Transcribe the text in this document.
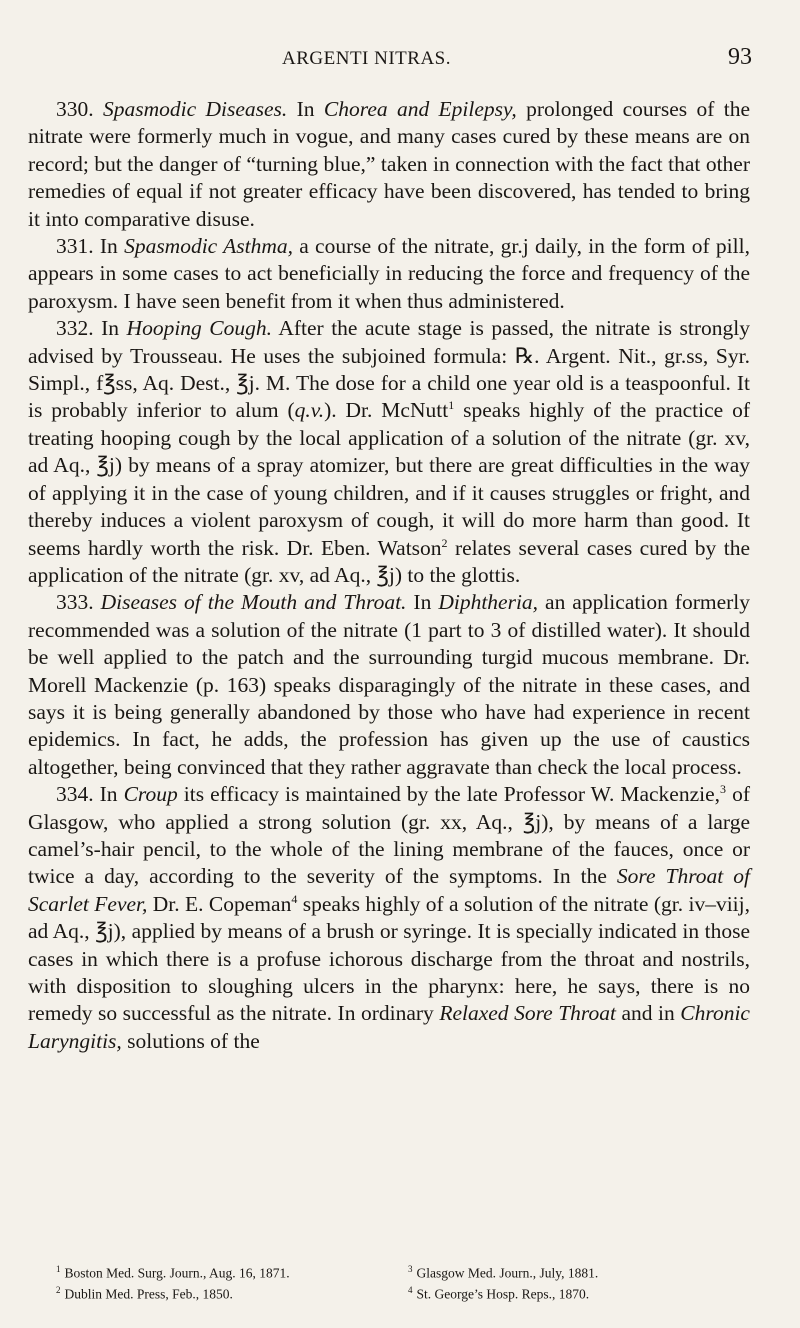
ARGENTI NITRAS.	93

330. Spasmodic Diseases. In Chorea and Epilepsy, prolonged courses of the nitrate were formerly much in vogue, and many cases cured by these means are on record; but the danger of “turning blue,” taken in connection with the fact that other remedies of equal if not greater efficacy have been discovered, has tended to bring it into comparative disuse.

331. In Spasmodic Asthma, a course of the nitrate, gr.j daily, in the form of pill, appears in some cases to act beneficially in reducing the force and frequency of the paroxysm. I have seen benefit from it when thus administered.

332. In Hooping Cough. After the acute stage is passed, the nitrate is strongly advised by Trousseau. He uses the subjoined formula: ℞. Argent. Nit., gr.ss, Syr. Simpl., f℥ss, Aq. Dest., ℥j. M. The dose for a child one year old is a teaspoonful. It is probably inferior to alum (q.v.). Dr. McNutt$^1$ speaks highly of the practice of treating hooping cough by the local application of a solution of the nitrate (gr. xv, ad Aq., ℥j) by means of a spray atomizer, but there are great difficulties in the way of applying it in the case of young children, and if it causes struggles or fright, and thereby induces a violent paroxysm of cough, it will do more harm than good. It seems hardly worth the risk. Dr. Eben. Watson$^2$ relates several cases cured by the application of the nitrate (gr. xv, ad Aq., ℥j) to the glottis.

333. Diseases of the Mouth and Throat. In Diphtheria, an application formerly recommended was a solution of the nitrate (1 part to 3 of distilled water). It should be well applied to the patch and the surrounding turgid mucous membrane. Dr. Morell Mackenzie (p. 163) speaks disparagingly of the nitrate in these cases, and says it is being generally abandoned by those who have had experience in recent epidemics. In fact, he adds, the profession has given up the use of caustics altogether, being convinced that they rather aggravate than check the local process.

334. In Croup its efficacy is maintained by the late Professor W. Mackenzie,$^3$ of Glasgow, who applied a strong solution (gr. xx, Aq., ℥j), by means of a large camel’s-hair pencil, to the whole of the lining membrane of the fauces, once or twice a day, according to the severity of the symptoms. In the Sore Throat of Scarlet Fever, Dr. E. Copeman$^4$ speaks highly of a solution of the nitrate (gr. iv–viij, ad Aq., ℥j), applied by means of a brush or syringe. It is specially indicated in those cases in which there is a profuse ichorous discharge from the throat and nostrils, with disposition to sloughing ulcers in the pharynx: here, he says, there is no remedy so successful as the nitrate. In ordinary Relaxed Sore Throat and in Chronic Laryngitis, solutions of the

$^1$ Boston Med. Surg. Journ., Aug. 16, 1871.	$^3$ Glasgow Med. Journ., July, 1881.
$^2$ Dublin Med. Press, Feb., 1850.	$^4$ St. George’s Hosp. Reps., 1870.
